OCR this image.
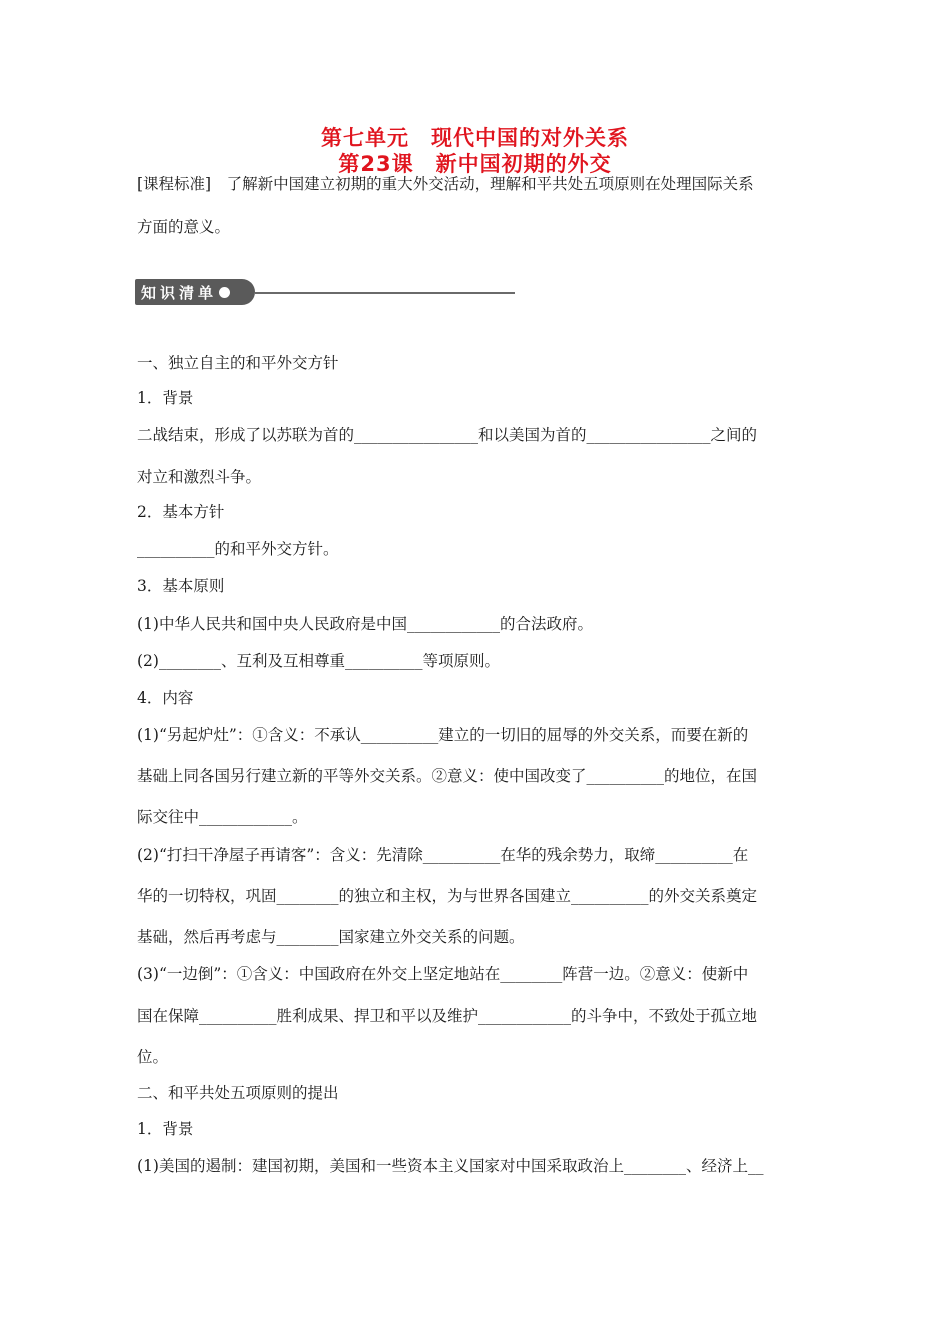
第七单元　现代中国的对外关系
第23课　新中国初期的外交
[课程标准]　了解新中国建立初期的重大外交活动，理解和平共处五项原则在处理国际关系
方面的意义。
知识清单
一、独立自主的和平外交方针
1．背景
二战结束，形成了以苏联为首的________________和以美国为首的________________之间的
对立和激烈斗争。
2．基本方针
__________的和平外交方针。
3．基本原则
(1)中华人民共和国中央人民政府是中国____________的合法政府。
(2)________、互利及互相尊重__________等项原则。
4．内容
(1)“另起炉灶”：①含义：不承认__________建立的一切旧的屈辱的外交关系，而要在新的
基础上同各国另行建立新的平等外交关系。②意义：使中国改变了__________的地位，在国
际交往中____________。
(2)“打扫干净屋子再请客”：含义：先清除__________在华的残余势力，取缔__________在
华的一切特权，巩固________的独立和主权，为与世界各国建立__________的外交关系奠定
基础，然后再考虑与________国家建立外交关系的问题。
(3)“一边倒”：①含义：中国政府在外交上坚定地站在________阵营一边。②意义：使新中
国在保障__________胜利成果、捍卫和平以及维护____________的斗争中，不致处于孤立地
位。
二、和平共处五项原则的提出
1．背景
(1)美国的遏制：建国初期，美国和一些资本主义国家对中国采取政治上________、经济上__
